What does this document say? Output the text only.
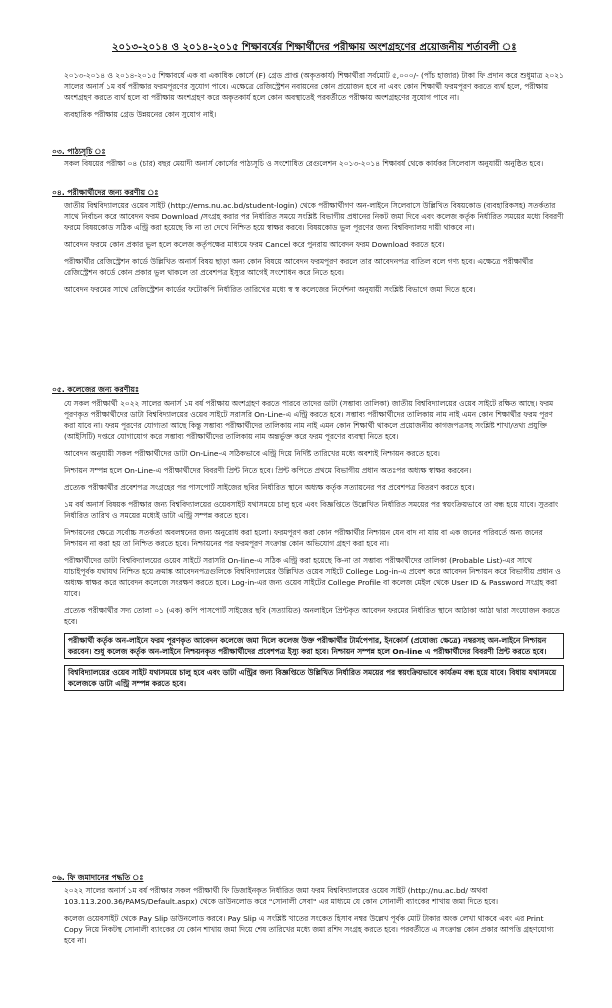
২০১৩-২০১৪ ও ২০১৪-২০১৫ শিক্ষাবর্ষের শিক্ষার্থীদের পরীক্ষায় অংশগ্রহণের প্রয়োজনীয় শর্তাবলী ঃ

২০১৩-২০১৪ ও ২০১৪-২০১৫ শিক্ষাবর্ষে এক বা একাধিক কোর্সে (F) গ্রেড প্রাপ্ত (অকৃতকার্য) শিক্ষার্থীরা সর্বমোট ৫,০০০/- (পাঁচ হাজার) টাকা ফি প্রদান করে শুধুমাত্র ২০২১ সালের অনার্স ১ম বর্ষ পরীক্ষার ফরমপূরণের সুযোগ পাবে। এক্ষেত্রে রেজিস্ট্রেশন নবায়নের কোন প্রয়োজন হবে না এবং কোন শিক্ষার্থী ফরমপূরণ করতে ব্যর্থ হলে, পরীক্ষায় অংশগ্রহণ করতে ব্যর্থ হলে বা পরীক্ষায় অংশগ্রহণ করে অকৃতকার্য হলে কোন অবস্থাতেই পরবর্তীতে পরীক্ষায় অংশগ্রহণের সুযোগ পাবে না।

ব্যবহারিক পরীক্ষায় গ্রেড উন্নয়নের কোন সুযোগ নাই।

০৩. পাঠ্যসূচি ঃ

সকল বিষয়ের পরীক্ষা ০৪ (চার) বছর মেয়াদী অনার্স কোর্সের পাঠ্যসূচি ও সংশোধিত রেগুলেশন ২০১৩-২০১৪ শিক্ষাবর্ষ থেকে কার্যকর সিলেবাস অনুযায়ী অনুষ্ঠিত হবে।

০৪. পরীক্ষার্থীদের জন্য করণীয় ঃ

জাতীয় বিশ্ববিদ্যালয়ের ওয়েব সাইট (http://ems.nu.ac.bd/student-login) থেকে পরীক্ষার্থীগণ অন-লাইনে সিলেবাসে উল্লিখিত বিষয়কোড (ব্যবহারিকসহ) সতর্কতার সাথে নির্বাচন করে আবেদন ফরম Download /সংগ্রহ করার পর নির্ধারিত সময়ে সংশ্লিষ্ট বিভাগীয় প্রধানের নিকট জমা দিবে এবং কলেজ কর্তৃক নির্ধারিত সময়ের মধ্যে বিবরণী ফরমে বিষয়কোড সঠিক এন্ট্রি করা হয়েছে কি না তা দেখে নিশ্চিত হয়ে স্বাক্ষর করবে। বিষয়কোড ভুল পূরণের জন্য বিশ্ববিদ্যালয় দায়ী থাকবে না।

আবেদন ফরমে কোন প্রকার ভুল হলে কলেজ কর্তৃপক্ষের মাধ্যমে ফরম Cancel করে পুনরায় আবেদন ফরম Download করতে হবে।

পরীক্ষার্থীর রেজিস্ট্রেশন কার্ডে উল্লিখিত অনার্স বিষয় ছাড়া অন্য কোন বিষয়ে আবেদন ফরমপূরণ করলে তার আবেদনপত্র বাতিল বলে গণ্য হবে। এক্ষেত্রে পরীক্ষার্থীর রেজিস্ট্রেশন কার্ডে কোন প্রকার ভুল থাকলে তা প্রবেশপত্র ইস্যুর আগেই সংশোধন করে নিতে হবে।

আবেদন ফরমের সাথে রেজিস্ট্রেশন কার্ডের ফটোকপি নির্ধারিত তারিখের মধ্যে স্ব স্ব কলেজের নির্দেশনা অনুযায়ী সংশ্লিষ্ট বিভাগে জমা দিতে হবে।

০৫. কলেজের জন্য করণীয়ঃ

যে সকল পরীক্ষার্থী ২০২২ সালের অনার্স ১ম বর্ষ পরীক্ষায় অংশগ্রহণ করতে পারবে তাদের ডাটা (সম্ভাব্য তালিকা) জাতীয় বিশ্ববিদ্যালয়ের ওয়েব সাইটে রক্ষিত আছে। ফরম পূরণকৃত পরীক্ষার্থীদের ডাটা বিশ্ববিদ্যালয়ের ওয়েব সাইটে সরাসরি On-Line-এ এন্ট্রি করতে হবে। সম্ভাব্য পরীক্ষার্থীদের তালিকায় নাম নাই এমন কোন শিক্ষার্থীর ফরম পূরণ করা যাবে না। ফরম পূরণের যোগ্যতা আছে কিন্তু সম্ভাব্য পরীক্ষার্থীদের তালিকায় নাম নাই এমন কোন শিক্ষার্থী থাকলে প্রয়োজনীয় কাগজপত্রসহ সংশ্লিষ্ট শাখা/তথ্য প্রযুক্তি (আইসিটি) দপ্তরে যোগাযোগ করে সম্ভাব্য পরীক্ষার্থীদের তালিকায় নাম অন্তর্ভুক্ত করে ফরম পূরণের ব্যবস্থা নিতে হবে।

আবেদন অনুযায়ী সকল পরীক্ষার্থীদের ডাটা On-Line-এ সঠিকভাবে এন্ট্রি দিয়ে নির্দিষ্ট তারিখের মধ্যে অবশ্যই নিশ্চায়ন করতে হবে।

নিশ্চায়ন সম্পন্ন হলে On-Line-এ পরীক্ষার্থীদের বিবরণী প্রিন্ট নিতে হবে। প্রিন্ট কপিতে প্রথমে বিভাগীয় প্রধান অতঃপর অধ্যক্ষ স্বাক্ষর করবেন।

প্রত্যেক পরীক্ষার্থীর প্রবেশপত্র সংগ্রহের পর পাসপোর্ট সাইজের ছবির নির্ধারিত স্থানে অধ্যক্ষ কর্তৃক সত্যায়নের পর প্রবেশপত্র বিতরণ করতে হবে।

১ম বর্ষ অনার্স বিষয়ক পরীক্ষার জন্য বিশ্ববিদ্যালয়ের ওয়েবসাইট যথাসময়ে চালু হবে এবং বিজ্ঞপ্তিতে উল্লেখিত নির্ধারিত সময়ের পর স্বয়ংক্রিয়ভাবে তা বন্ধ হয়ে যাবে। সুতরাং নির্ধারিত তারিখ ও সময়ের মধ্যেই ডাটা এন্ট্রি সম্পন্ন করতে হবে।

নিশ্চায়নের ক্ষেত্রে সর্বোচ্চ সতর্কতা অবলম্বনের জন্য অনুরোধ করা হলো। ফরমপূরণ করা কোন পরীক্ষার্থীর নিশ্চায়ন যেন বাদ না যায় বা এক জনের পরিবর্তে অন্য জনের নিশ্চায়ন না করা হয় তা নিশ্চিত করতে হবে। নিশ্চায়নের পর ফরমপূরণ সংক্রান্ত কোন অভিযোগ গ্রহণ করা হবে না।

পরীক্ষার্থীদের ডাটা বিশ্ববিদ্যালয়ের ওয়েব সাইটে সরাসরি On-line-এ সঠিক এন্ট্রি করা হয়েছে কি-না তা সম্ভাব্য পরীক্ষার্থীদের তালিকা (Probable List)-এর সাথে যাচাইপূর্বক যথাযথ নিশ্চিত হয়ে ক্রমাঙ্ক আবেদনপত্রগুলিকে বিশ্ববিদ্যালয়ের উল্লিখিত ওয়েব সাইটে College Log-in-এ প্রবেশ করে আবেদন নিশ্চায়ন করে বিভাগীয় প্রধান ও অধ্যক্ষ স্বাক্ষর করে আবেদন কলেজে সংরক্ষণ করতে হবে। Log-in-এর জন্য ওয়েব সাইটের College Profile বা কলেজ মেইল থেকে User ID & Password সংগ্রহ করা যাবে।

প্রত্যেক পরীক্ষার্থীর সদ্য তোলা ০১ (এক) কপি পাসপোর্ট সাইজের ছবি (সত্যায়িত) অনলাইনে প্রিন্টকৃত আবেদন ফরমের নির্ধারিত স্থানে আঠাকা আঠা দ্বারা সংযোজন করতে হবে।

পরীক্ষার্থী কর্তৃক অন-লাইনে ফরম পূরণকৃত আবেদন কলেজে জমা দিলে কলেজ উক্ত পরীক্ষার্থীর টার্মপেপার, ইনকোর্স (প্রযোজ্য ক্ষেত্রে) নম্বরসহ অন-লাইনে নিশ্চায়ন করবেন। শুধু কলেজ কর্তৃক অন-লাইনে নিশ্চয়নকৃত পরীক্ষার্থীদের প্রবেশপত্র ইস্যু করা হবে। নিশ্চায়ন সম্পন্ন হলে On-line এ পরীক্ষার্থীদের বিবরণী প্রিন্ট করতে হবে।

বিশ্ববিদ্যালয়ের ওয়েব সাইট যথাসময়ে চালু হবে এবং ডাটা এন্ট্রির জন্য বিজ্ঞপ্তিতে উল্লিখিত নির্ধারিত সময়ের পর স্বয়ংক্রিয়ভাবে কার্যক্রম বন্ধ হয়ে যাবে। বিধায় যথাসময়ে কলেজকে ডাটা এন্ট্রি সম্পন্ন করতে হবে।

০৬. ফি জমাদানের পদ্ধতি ঃ

২০২২ সালের অনার্স ১ম বর্ষ পরীক্ষার সকল পরীক্ষার্থী ফি ডিজাইনকৃত নির্ধারিত জমা ফরম বিশ্ববিদ্যালয়ের ওয়েব সাইট (http://nu.ac.bd/ অথবা 103.113.200.36/PAMS/Default.aspx) থেকে ডাউনলোড করে "সোনালী সেবা" এর মাধ্যমে যে কোন সোনালী ব্যাংকের শাখায় জমা দিতে হবে।

কলেজ ওয়েবসাইট থেকে Pay Slip ডাউনলোড করবে। Pay Slip এ সংশ্লিষ্ট খাতের সংকেত হিসাব নম্বর উল্লেখ পূর্বক মোট টাকার অংক লেখা থাকবে এবং এর Print Copy নিয়ে নিকটস্থ সোনালী ব্যাংকের যে কোন শাখায় জমা দিয়ে শেষ তারিখের মধ্যে জমা রশিদ সংগ্রহ করতে হবে। পরবর্তীতে এ সংক্রান্ত কোন প্রকার আপত্তি গ্রহণযোগ্য হবে না।
